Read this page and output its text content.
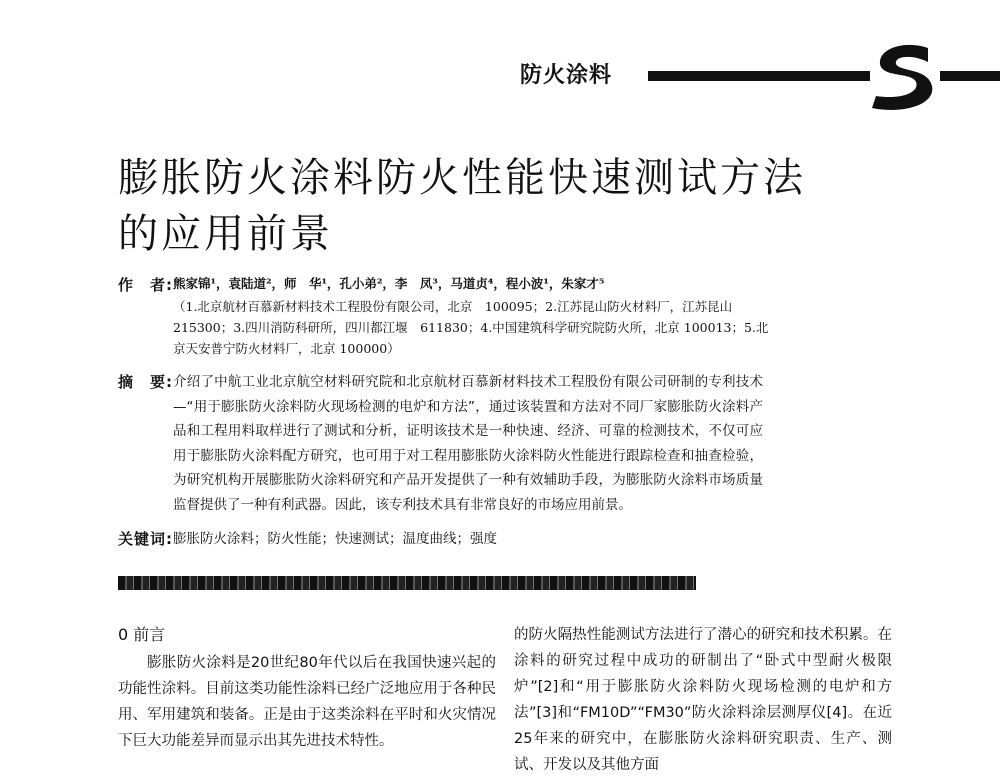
防火涂料
膨胀防火涂料防火性能快速测试方法
的应用前景
作　者: 熊家锦¹，袁陆道²，师　华¹，孔小弟²，李　凤³，马道贞⁴，程小波¹，朱家才⁵
（1.北京航材百慕新材料技术工程股份有限公司，北京　100095；2.江苏昆山防火材料厂，江苏昆山　215300；3.四川消防科研所，四川都江堰　611830；4.中国建筑科学研究院防火所，北京 100013；5.北京天安普宁防火材料厂，北京 100000）
摘　要: 介绍了中航工业北京航空材料研究院和北京航材百慕新材料技术工程股份有限公司研制的专利技术—“用于膨胀防火涂料防火现场检测的电炉和方法”，通过该装置和方法对不同厂家膨胀防火涂料产品和工程用料取样进行了测试和分析，证明该技术是一种快速、经济、可靠的检测技术，不仅可应用于膨胀防火涂料配方研究，也可用于对工程用膨胀防火涂料防火性能进行跟踪检查和抽查检验，为研究机构开展膨胀防火涂料研究和产品开发提供了一种有效辅助手段，为膨胀防火涂料市场质量监督提供了一种有利武器。因此，该专利技术具有非常良好的市场应用前景。
关键词: 膨胀防火涂料；防火性能；快速测试；温度曲线；强度
0 前言

膨胀防火涂料是20世纪80年代以后在我国快速兴起的功能性涂料。目前这类功能性涂料已经广泛地应用于各种民用、军用建筑和装备。正是由于这类涂料在平时和火灾情况下巨大功能差异而显示出其先进技术特性。

的防火隔热性能测试方法进行了潜心的研究和技术积累。在涂料的研究过程中成功的研制出了“卧式中型耐火极限炉”[2]和“用于膨胀防火涂料防火现场检测的电炉和方法”[3]和“FM10D”“FM30”防火涂料涂层测厚仪[4]。在近25年来的研究中，在膨胀防火涂料研究职责、生产、测试、开发以及其他方面
